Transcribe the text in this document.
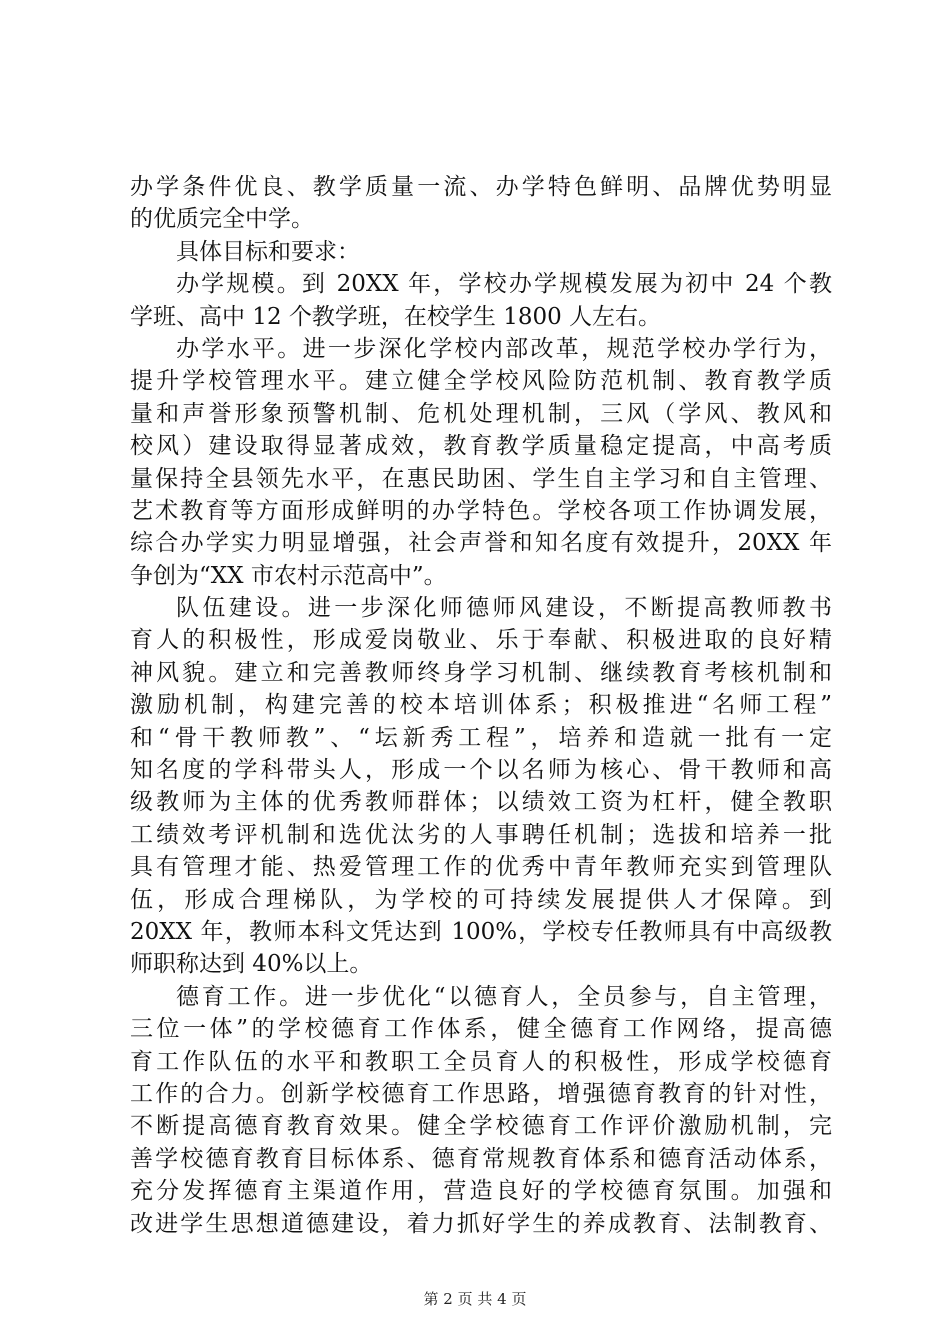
办学条件优良、教学质量一流、办学特色鲜明、品牌优势明显
的优质完全中学。
具体目标和要求：
办学规模。到 20XX 年，学校办学规模发展为初中 24 个教
学班、高中 12 个教学班，在校学生 1800 人左右。
办学水平。进一步深化学校内部改革，规范学校办学行为，
提升学校管理水平。建立健全学校风险防范机制、教育教学质
量和声誉形象预警机制、危机处理机制，三风（学风、教风和
校风）建设取得显著成效，教育教学质量稳定提高，中高考质
量保持全县领先水平，在惠民助困、学生自主学习和自主管理、
艺术教育等方面形成鲜明的办学特色。学校各项工作协调发展，
综合办学实力明显增强，社会声誉和知名度有效提升，20XX 年
争创为“XX 市农村示范高中”。
队伍建设。进一步深化师德师风建设，不断提高教师教书
育人的积极性，形成爱岗敬业、乐于奉献、积极进取的良好精
神风貌。建立和完善教师终身学习机制、继续教育考核机制和
激励机制，构建完善的校本培训体系；积极推进“名师工程”
和“骨干教师教”、“坛新秀工程”，培养和造就一批有一定
知名度的学科带头人，形成一个以名师为核心、骨干教师和高
级教师为主体的优秀教师群体；以绩效工资为杠杆，健全教职
工绩效考评机制和选优汰劣的人事聘任机制；选拔和培养一批
具有管理才能、热爱管理工作的优秀中青年教师充实到管理队
伍，形成合理梯队，为学校的可持续发展提供人才保障。到
20XX 年，教师本科文凭达到 100%，学校专任教师具有中高级教
师职称达到 40%以上。
德育工作。进一步优化“以德育人，全员参与，自主管理，
三位一体”的学校德育工作体系，健全德育工作网络，提高德
育工作队伍的水平和教职工全员育人的积极性，形成学校德育
工作的合力。创新学校德育工作思路，增强德育教育的针对性，
不断提高德育教育效果。健全学校德育工作评价激励机制，完
善学校德育教育目标体系、德育常规教育体系和德育活动体系，
充分发挥德育主渠道作用，营造良好的学校德育氛围。加强和
改进学生思想道德建设，着力抓好学生的养成教育、法制教育、
第 2 页 共 4 页
